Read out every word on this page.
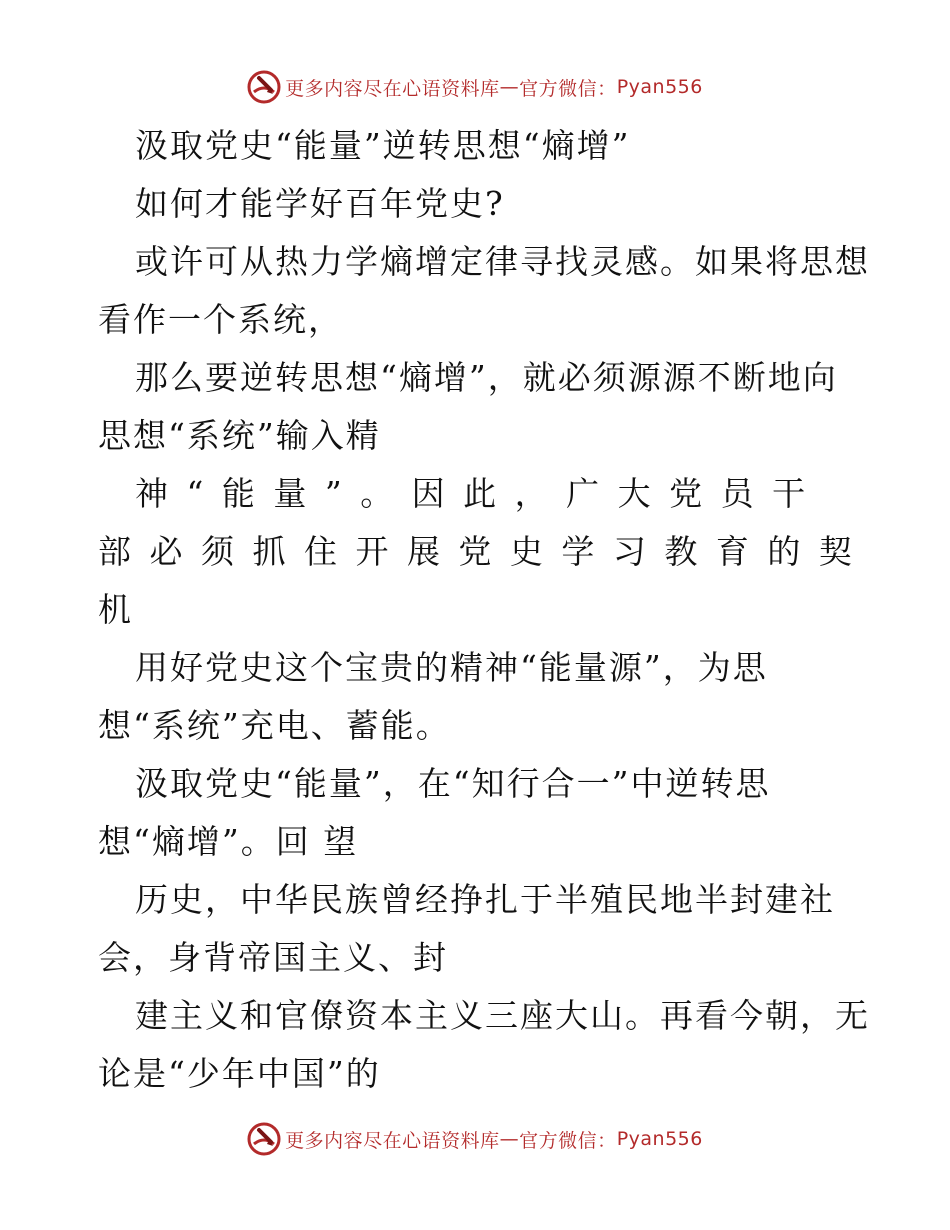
更多内容尽在心语资料库 — 官方微信： Pyan556
汲取党史“能量”逆转思想“熵增”
如何才能学好百年党史?
或许可从热力学熵增定律寻找灵感。如果将思想
看作一个系统，
那么要逆转思想“熵增”，就必须源源不断地向
思想“系统”输入精
神 “ 能 量 ” 。 因 此 ， 广 大 党 员 干
部 必 须 抓 住 开 展 党 史 学 习 教 育 的 契
机
用好党史这个宝贵的精神“能量源”，为思
想“系统”充电、蓄能。
汲取党史“能量”，在“知行合一”中逆转思
想“熵增”。回 望
历史，中华民族曾经挣扎于半殖民地半封建社
会，身背帝国主义、封
建主义和官僚资本主义三座大山。再看今朝，无
论是“少年中国”的
更多内容尽在心语资料库 — 官方微信： Pyan556
